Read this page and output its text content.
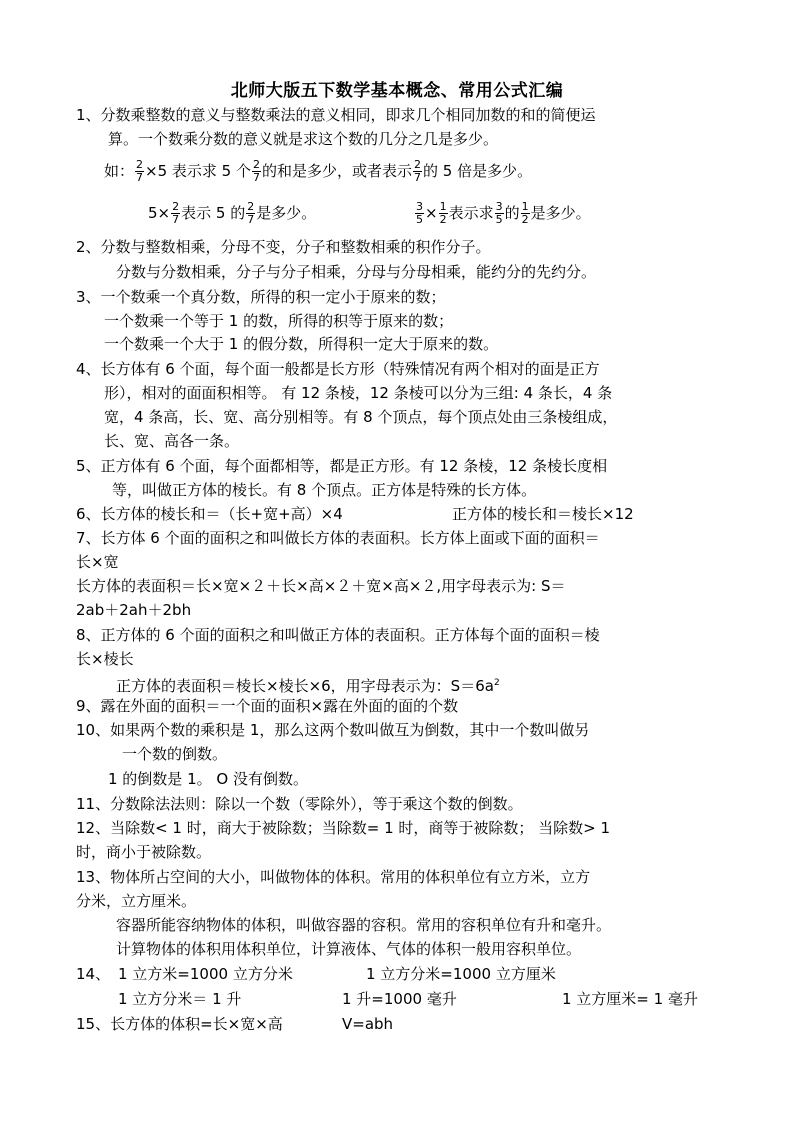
北师大版五下数学基本概念、常用公式汇编
1、分数乘整数的意义与整数乘法的意义相同，即求几个相同加数的和的简便运
算。一个数乘分数的意义就是求这个数的几分之几是多少。
如： $\frac{2}{7} \times 5$ 表示求 5 个 $\frac{2}{7}$ 的和是多少，或者表示 $\frac{2}{7}$ 的 5 倍是多少。
$5\times \frac{2}{7}$ 表示 5 的 $\frac{2}{7}$ 是多少。	$\frac{3}{5} \times \frac{1}{2}$ 表示求 $\frac{3}{5}$ 的 $\frac{1}{2}$ 是多少。
2、分数与整数相乘，分母不变，分子和整数相乘的积作分子。
分数与分数相乘，分子与分子相乘，分母与分母相乘，能约分的先约分。
3、一个数乘一个真分数，所得的积一定小于原来的数；
一个数乘一个等于 1 的数，所得的积等于原来的数；
一个数乘一个大于 1 的假分数，所得积一定大于原来的数。
4、长方体有 6 个面，每个面一般都是长方形（特殊情况有两个相对的面是正方
形），相对的面面积相等。 有 12 条棱，12 条棱可以分为三组: 4 条长，4 条
宽，4 条高，长、宽、高分别相等。有 8 个顶点，每个顶点处由三条棱组成，
长、宽、高各一条。
5、正方体有 6 个面，每个面都相等，都是正方形。有 12 条棱，12 条棱长度相
等，叫做正方体的棱长。有 8 个顶点。正方体是特殊的长方体。
6、长方体的棱长和＝（长+宽+高）×4	正方体的棱长和＝棱长×12
7、长方体 6 个面的面积之和叫做长方体的表面积。长方体上面或下面的面积＝
长×宽
长方体的表面积＝长×宽×２＋长×高×２＋宽×高×２,用字母表示为: S＝
2ab＋2ah＋2bh
8、正方体的 6 个面的面积之和叫做正方体的表面积。正方体每个面的面积＝棱
长×棱长
正方体的表面积＝棱长×棱长×6，用字母表示为：$S=6a^2$
9、露在外面的面积＝一个面的面积×露在外面的面的个数
10、如果两个数的乘积是 1，那么这两个数叫做互为倒数，其中一个数叫做另
一个数的倒数。
1 的倒数是 1。 O 没有倒数。
11、分数除法法则：除以一个数（零除外），等于乘这个数的倒数。
12、当除数< 1 时，商大于被除数；当除数= 1 时，商等于被除数； 当除数> 1
时，商小于被除数。
13、物体所占空间的大小，叫做物体的体积。常用的体积单位有立方米，立方
分米，立方厘米。
容器所能容纳物体的体积，叫做容器的容积。常用的容积单位有升和毫升。
计算物体的体积用体积单位，计算液体、气体的体积一般用容积单位。
14、 1 立方米=1000 立方分米	1 立方分米=1000 立方厘米
1 立方分米＝ 1 升	1 升=1000 毫升	1 立方厘米= 1 毫升
15、长方体的体积=长×宽×高	V=abh
